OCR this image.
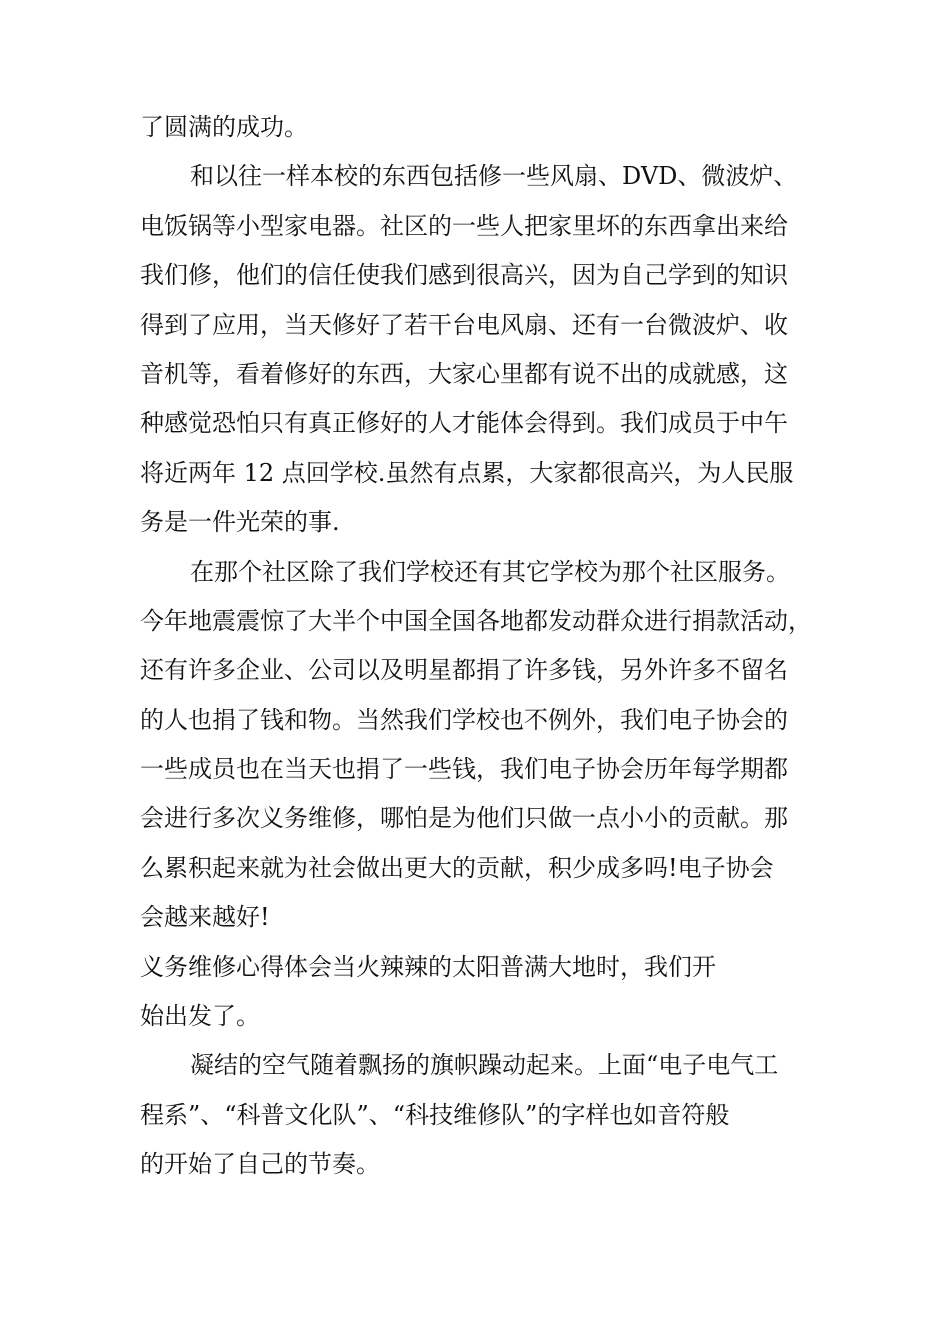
了圆满的成功。
和以往一样本校的东西包括修一些风扇、DVD、微波炉、
电饭锅等小型家电器。社区的一些人把家里坏的东西拿出来给
我们修，他们的信任使我们感到很高兴，因为自己学到的知识
得到了应用，当天修好了若干台电风扇、还有一台微波炉、收
音机等，看着修好的东西，大家心里都有说不出的成就感，这
种感觉恐怕只有真正修好的人才能体会得到。我们成员于中午
将近两年 12 点回学校.虽然有点累，大家都很高兴，为人民服
务是一件光荣的事.
在那个社区除了我们学校还有其它学校为那个社区服务。
今年地震震惊了大半个中国全国各地都发动群众进行捐款活动，
还有许多企业、公司以及明星都捐了许多钱，另外许多不留名
的人也捐了钱和物。当然我们学校也不例外，我们电子协会的
一些成员也在当天也捐了一些钱，我们电子协会历年每学期都
会进行多次义务维修，哪怕是为他们只做一点小小的贡献。那
么累积起来就为社会做出更大的贡献，积少成多吗!电子协会
会越来越好!
义务维修心得体会当火辣辣的太阳普满大地时，我们开
始出发了。
凝结的空气随着飘扬的旗帜躁动起来。上面“电子电气工
程系”、“科普文化队”、“科技维修队”的字样也如音符般
的开始了自己的节奏。
